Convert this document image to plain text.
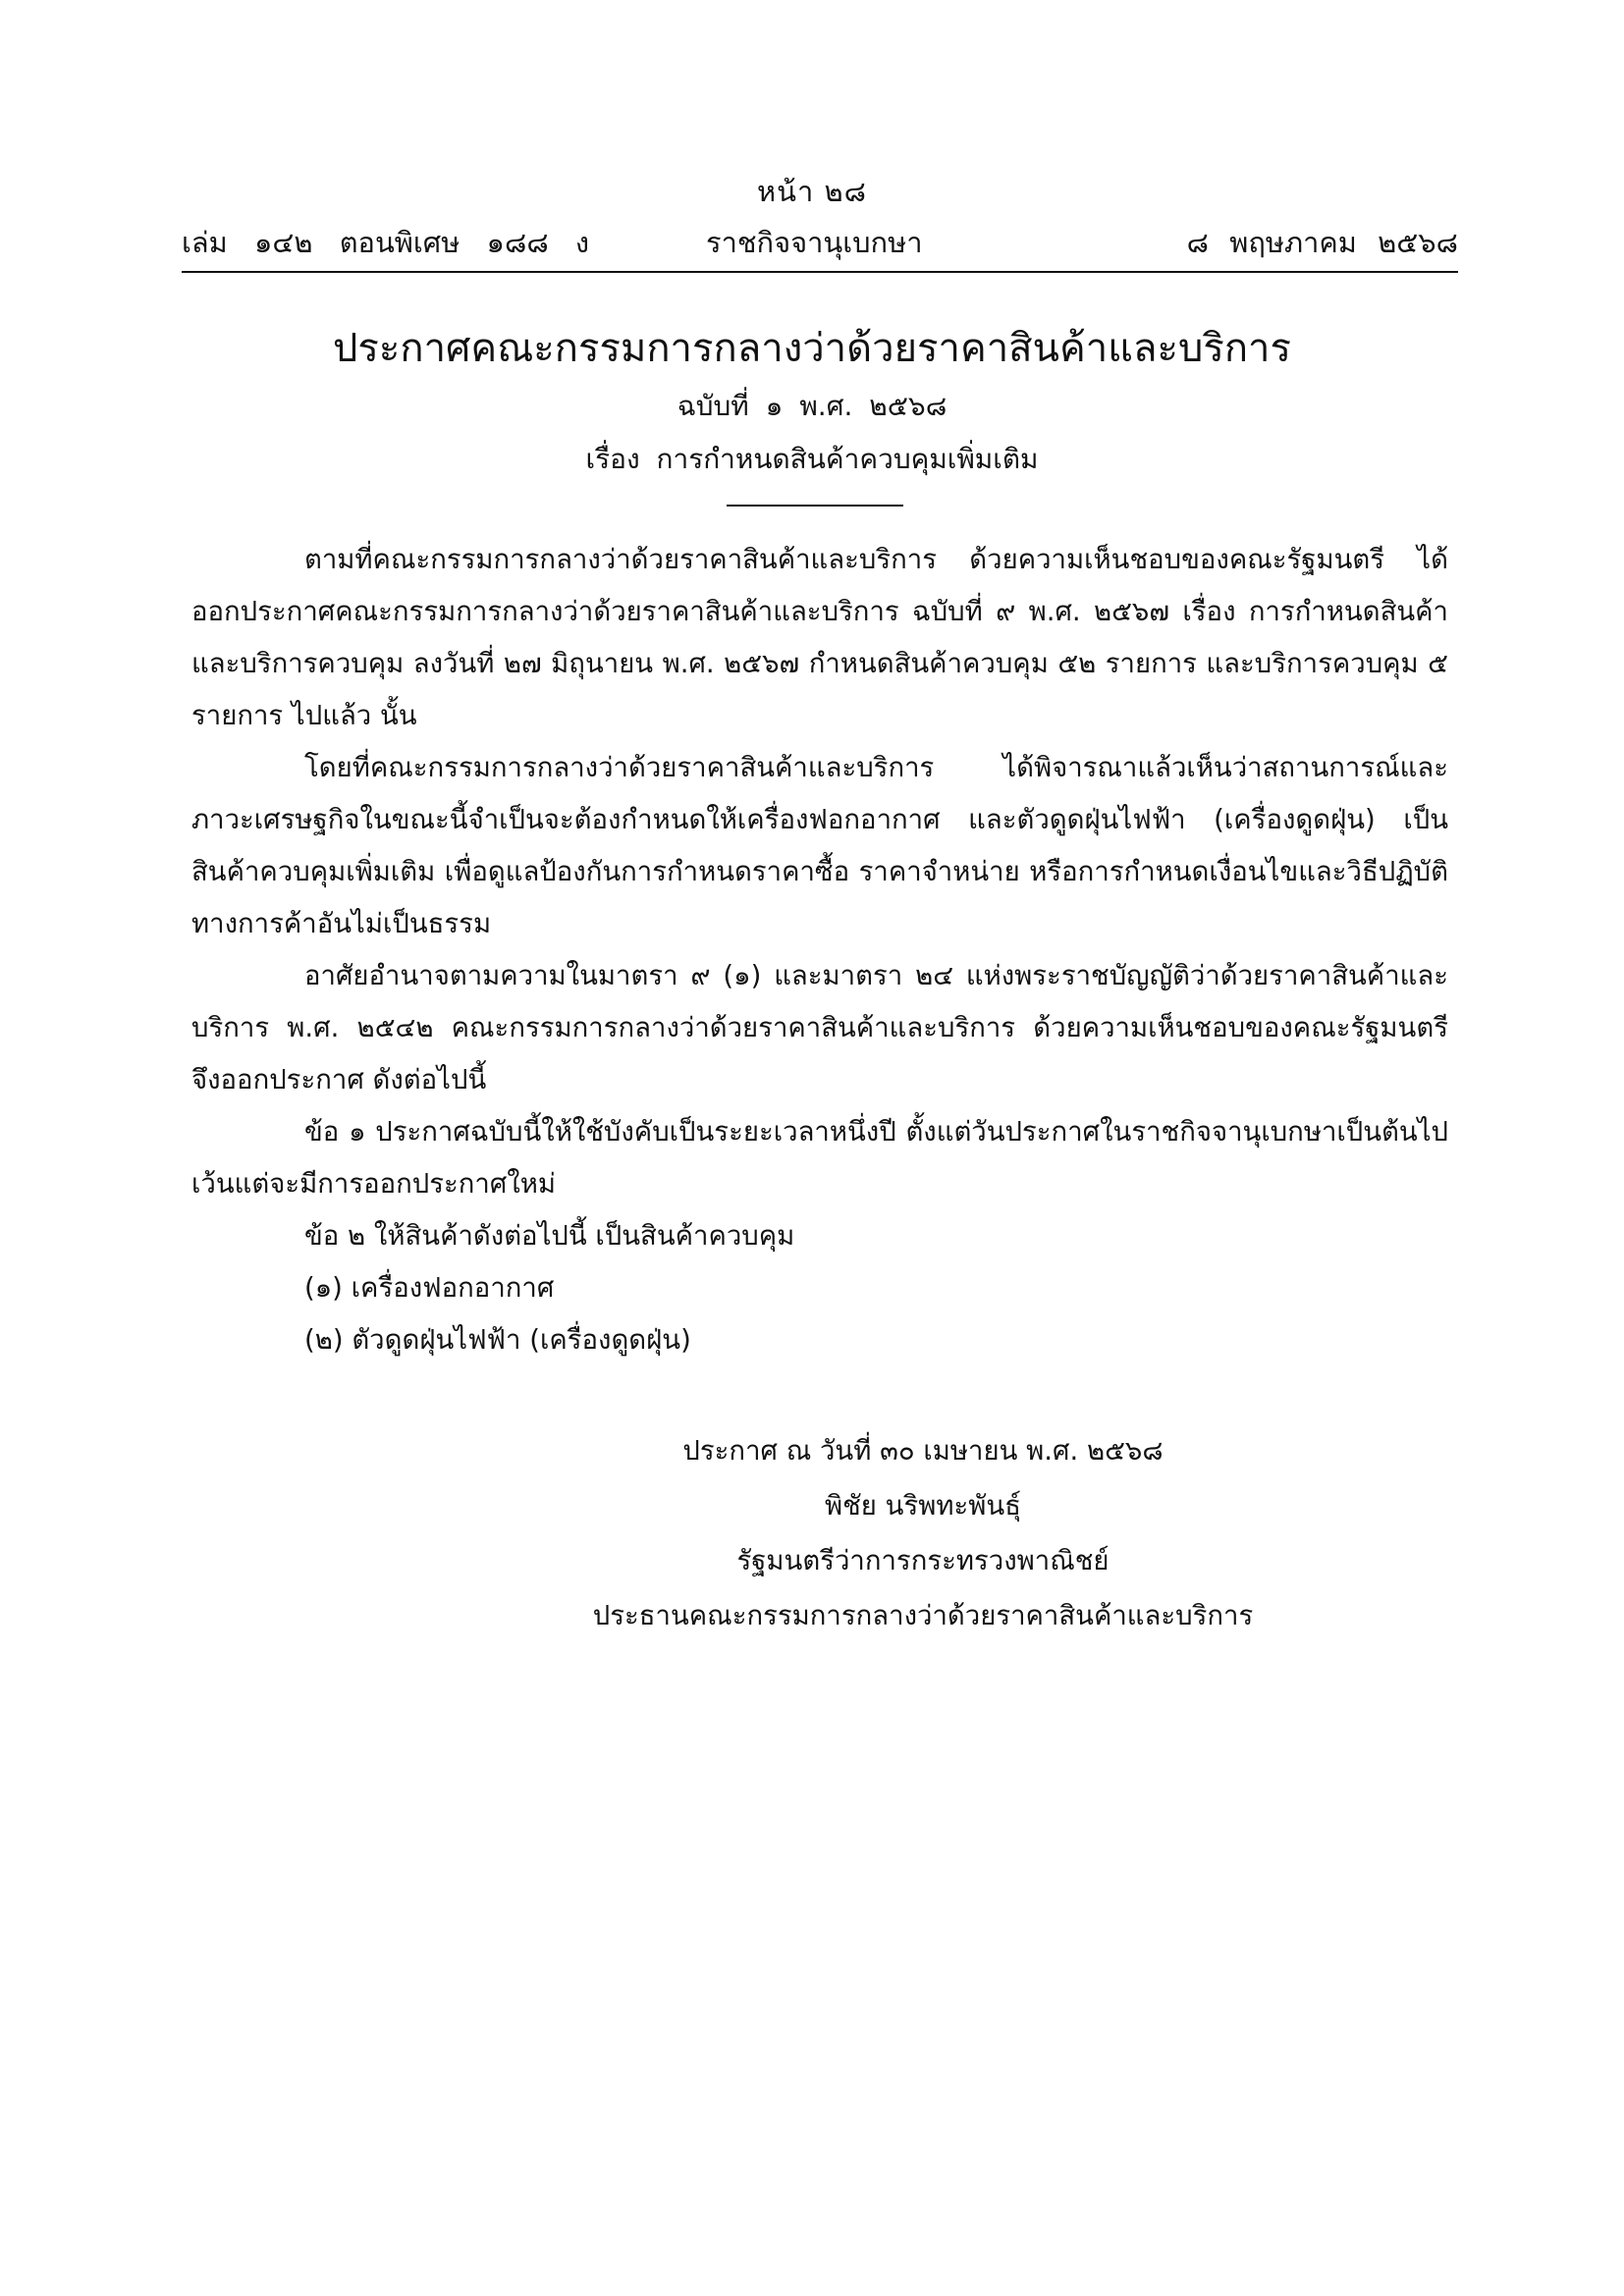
หน้า ๒๘
เล่ม ๑๔๒ ตอนพิเศษ ๑๘๘ ง	ราชกิจจานุเบกษา	๘ พฤษภาคม ๒๕๖๘
ประกาศคณะกรรมการกลางว่าด้วยราคาสินค้าและบริการ
ฉบับที่ ๑ พ.ศ. ๒๕๖๘
เรื่อง การกำหนดสินค้าควบคุมเพิ่มเติม

ตามที่คณะกรรมการกลางว่าด้วยราคาสินค้าและบริการ ด้วยความเห็นชอบของคณะรัฐมนตรี ได้ออกประกาศคณะกรรมการกลางว่าด้วยราคาสินค้าและบริการ ฉบับที่ ๙ พ.ศ. ๒๕๖๗ เรื่อง การกำหนดสินค้าและบริการควบคุม ลงวันที่ ๒๗ มิถุนายน พ.ศ. ๒๕๖๗ กำหนดสินค้าควบคุม ๕๒ รายการ และบริการควบคุม ๕ รายการ ไปแล้ว นั้น

โดยที่คณะกรรมการกลางว่าด้วยราคาสินค้าและบริการ ได้พิจารณาแล้วเห็นว่าสถานการณ์และภาวะเศรษฐกิจในขณะนี้จำเป็นจะต้องกำหนดให้เครื่องฟอกอากาศ และตัวดูดฝุ่นไฟฟ้า (เครื่องดูดฝุ่น) เป็นสินค้าควบคุมเพิ่มเติม เพื่อดูแลป้องกันการกำหนดราคาซื้อ ราคาจำหน่าย หรือการกำหนดเงื่อนไขและวิธีปฏิบัติทางการค้าอันไม่เป็นธรรม

อาศัยอำนาจตามความในมาตรา ๙ (๑) และมาตรา ๒๔ แห่งพระราชบัญญัติว่าด้วยราคาสินค้าและบริการ พ.ศ. ๒๕๔๒ คณะกรรมการกลางว่าด้วยราคาสินค้าและบริการ ด้วยความเห็นชอบของคณะรัฐมนตรี จึงออกประกาศ ดังต่อไปนี้

ข้อ ๑ ประกาศฉบับนี้ให้ใช้บังคับเป็นระยะเวลาหนึ่งปี ตั้งแต่วันประกาศในราชกิจจานุเบกษาเป็นต้นไป เว้นแต่จะมีการออกประกาศใหม่

ข้อ ๒ ให้สินค้าดังต่อไปนี้ เป็นสินค้าควบคุม

(๑) เครื่องฟอกอากาศ

(๒) ตัวดูดฝุ่นไฟฟ้า (เครื่องดูดฝุ่น)

ประกาศ ณ วันที่ ๓๐ เมษายน พ.ศ. ๒๕๖๘
พิชัย นริพทะพันธุ์
รัฐมนตรีว่าการกระทรวงพาณิชย์
ประธานคณะกรรมการกลางว่าด้วยราคาสินค้าและบริการ
